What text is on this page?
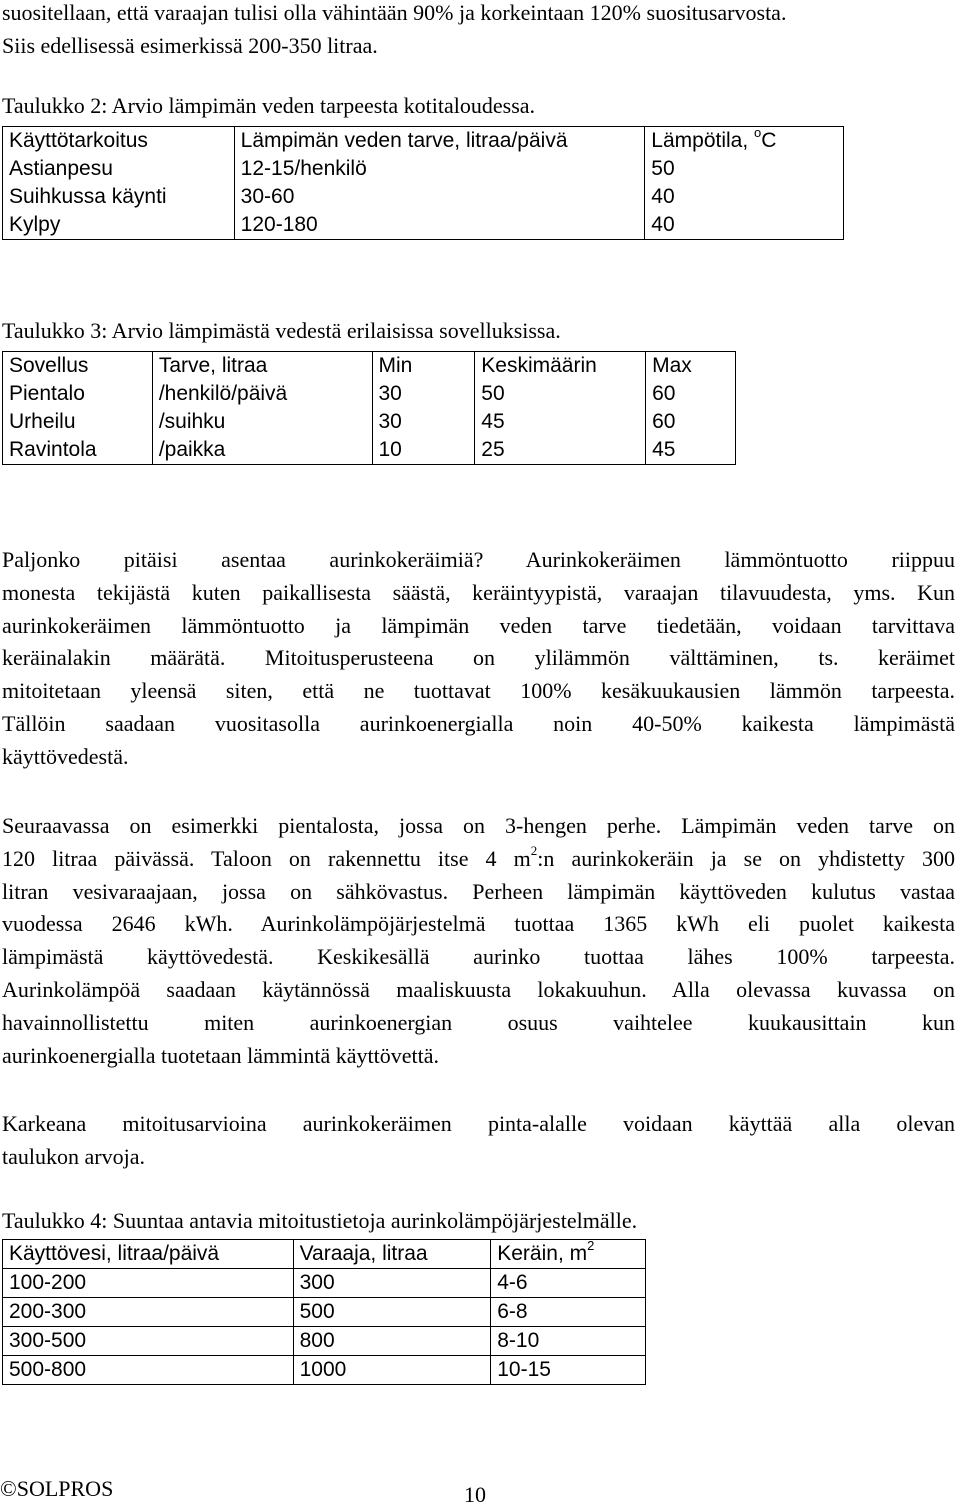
suositellaan, että varaajan tulisi olla vähintään 90% ja korkeintaan 120% suositusarvosta.
Siis edellisessä esimerkissä 200-350 litraa.
Taulukko 2: Arvio lämpimän veden tarpeesta kotitaloudessa.
Käyttötarkoitus	Lämpimän veden tarve, litraa/päivä	Lämpötila, $^o$C
Astianpesu	12-15/henkilö	50
Suihkussa käynti	30-60	40
Kylpy	120-180	40
Taulukko 3: Arvio lämpimästä vedestä erilaisissa sovelluksissa.
Sovellus	Tarve, litraa	Min	Keskimäärin	Max
Pientalo	/henkilö/päivä	30	50	60
Urheilu	/suihku	30	45	60
Ravintola	/paikka	10	25	45
Paljonko pitäisi asentaa aurinkokeräimiä? Aurinkokeräimen lämmöntuotto riippuu
monesta tekijästä kuten paikallisesta säästä, keräintyypistä, varaajan tilavuudesta, yms. Kun
aurinkokeräimen lämmöntuotto ja lämpimän veden tarve tiedetään, voidaan tarvittava
keräinalakin määrätä. Mitoitusperusteena on ylilämmön välttäminen, ts. keräimet
mitoitetaan yleensä siten, että ne tuottavat 100% kesäkuukausien lämmön tarpeesta.
Tällöin saadaan vuositasolla aurinkoenergialla noin 40-50% kaikesta lämpimästä
käyttövedestä.
Seuraavassa on esimerkki pientalosta, jossa on 3-hengen perhe. Lämpimän veden tarve on
120 litraa päivässä. Taloon on rakennettu itse 4 $m^2:n$ aurinkokeräin ja se on yhdistetty 300
litran vesivaraajaan, jossa on sähkövastus. Perheen lämpimän käyttöveden kulutus vastaa
vuodessa 2646 kWh. Aurinkolämpöjärjestelmä tuottaa 1365 kWh eli puolet kaikesta
lämpimästä käyttövedestä. Keskikesällä aurinko tuottaa lähes 100% tarpeesta.
Aurinkolämpöä saadaan käytännössä maaliskuusta lokakuuhun. Alla olevassa kuvassa on
havainnollistettu miten aurinkoenergian osuus vaihtelee kuukausittain kun
aurinkoenergialla tuotetaan lämmintä käyttövettä.
Karkeana mitoitusarvioina aurinkokeräimen pinta-alalle voidaan käyttää alla olevan
taulukon arvoja.
Taulukko 4: Suuntaa antavia mitoitustietoja aurinkolämpöjärjestelmälle.
Käyttövesi, litraa/päivä	Varaaja, litraa	Keräin, $m^2$
100-200	300	4-6
200-300	500	6-8
300-500	800	8-10
500-800	1000	10-15
©SOLPROS	10
